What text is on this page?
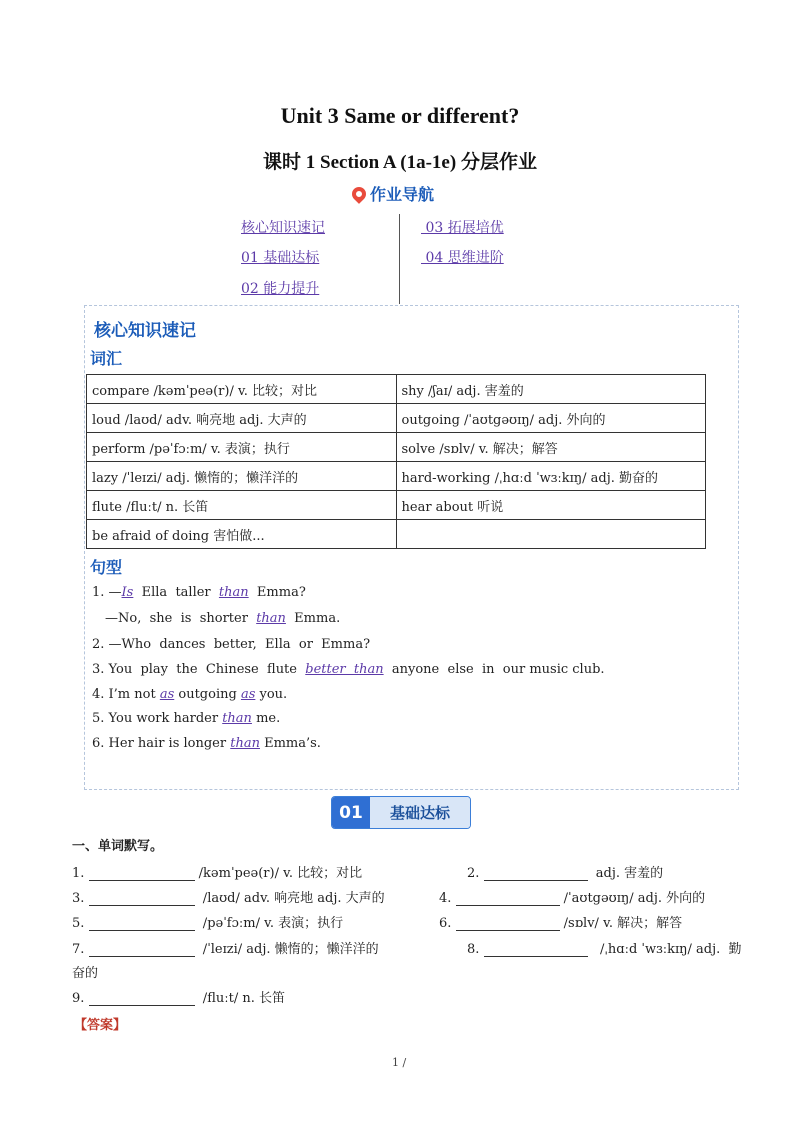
Unit 3 Same or different?
课时 1 Section A (1a-1e) 分层作业
作业导航
核心知识速记
01 基础达标
02 能力提升
03 拓展培优
04 思维进阶
核心知识速记
词汇
compare /kəmˈpeə(r)/ v. 比较；对比	shy /ʃaɪ/ adj. 害羞的
loud /laʊd/ adv. 响亮地 adj. 大声的	outgoing /ˈaʊtgəʊɪŋ/ adj. 外向的
perform /pəˈfɔːm/ v. 表演；执行	solve /sɒlv/ v. 解决；解答
lazy /ˈleɪzi/ adj. 懒惰的；懒洋洋的	hard-working /ˌhɑːd ˈwɜːkɪŋ/ adj. 勤奋的
flute /fluːt/ n. 长笛	hear about 听说
be afraid of doing 害怕做...	
句型
1. —Is  Ella  taller  than  Emma?
—No,  she  is  shorter  than  Emma.
2. —Who  dances  better,  Ella  or  Emma?
3. You  play  the  Chinese  flute  better  than  anyone  else  in  our music club.
4. I’m not as outgoing as you.
5. You work harder than me.
6. Her hair is longer than Emma’s.
01	基础达标
一、单词默写。
1.	/kəmˈpeə(r)/ v. 比较；对比	2.	adj. 害羞的
3.	/laʊd/ adv. 响亮地 adj. 大声的	4.	/ˈaʊtgəʊɪŋ/ adj. 外向的
5.	/pəˈfɔːm/ v. 表演；执行	6.	/sɒlv/ v. 解决；解答
7.	/ˈleɪzi/ adj. 懒惰的；懒洋洋的	8.	/ˌhɑːd ˈwɜːkɪŋ/ adj.  勤
奋的
9.	/fluːt/ n. 长笛
【答案】
1 /
